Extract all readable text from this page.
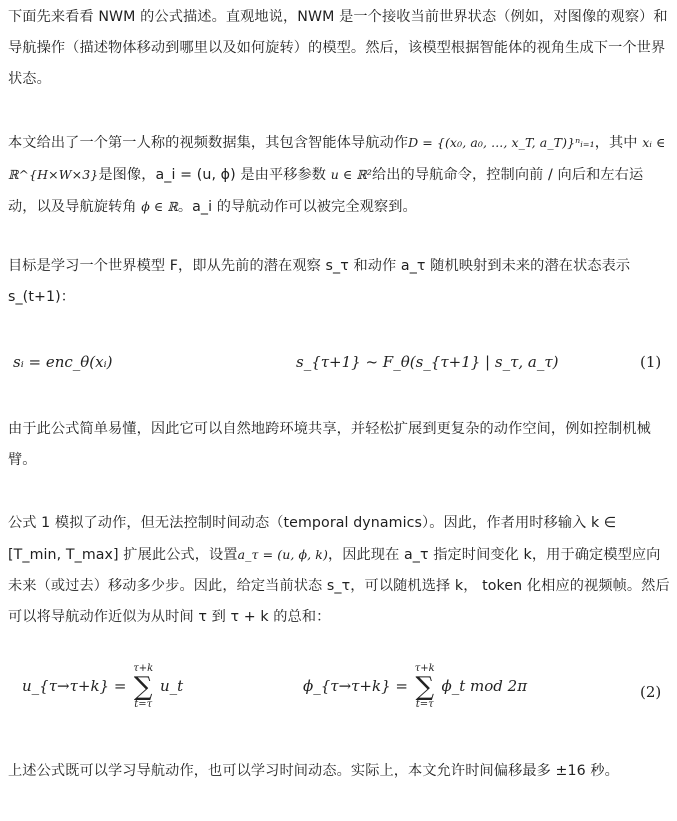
下面先来看看 NWM 的公式描述。直观地说，NWM 是一个接收当前世界状态（例如，对图像的观察）和导航操作（描述物体移动到哪里以及如何旋转）的模型。然后，该模型根据智能体的视角生成下一个世界状态。

本文给出了一个第一人称的视频数据集，其包含智能体导航动作D = {(x₀, a₀, ..., x_T, a_T)}ⁿᵢ₌₁，其中 xᵢ ∈ ℝ^{H×W×3}是图像，a_i = (u, ϕ) 是由平移参数 u ∈ ℝ²给出的导航命令，控制向前 / 向后和左右运动，以及导航旋转角 ϕ ∈ ℝ。a_i 的导航动作可以被完全观察到。

目标是学习一个世界模型 F，即从先前的潜在观察 s_τ 和动作 a_τ 随机映射到未来的潜在状态表示 s_(t+1)：

sᵢ = enc_θ(xᵢ)	s_{τ+1} ~ F_θ(s_{τ+1} | s_τ, a_τ)	(1)

由于此公式简单易懂，因此它可以自然地跨环境共享，并轻松扩展到更复杂的动作空间，例如控制机械臂。

公式 1 模拟了动作，但无法控制时间动态（temporal dynamics）。因此，作者用时移输入 k ∈ [T_min, T_max] 扩展此公式，设置a_τ = (u, ϕ, k)，因此现在 a_τ 指定时间变化 k，用于确定模型应向未来（或过去）移动多少步。因此，给定当前状态 s_τ，可以随机选择 k， token 化相应的视频帧。然后可以将导航动作近似为从时间 τ 到 τ + k 的总和：

u_{τ→τ+k} =
τ+k
∑
t=τ
u_t	ϕ_{τ→τ+k} =
τ+k
∑
t=τ
ϕ_t mod 2π	(2)

上述公式既可以学习导航动作，也可以学习时间动态。实际上，本文允许时间偏移最多 ±16 秒。
